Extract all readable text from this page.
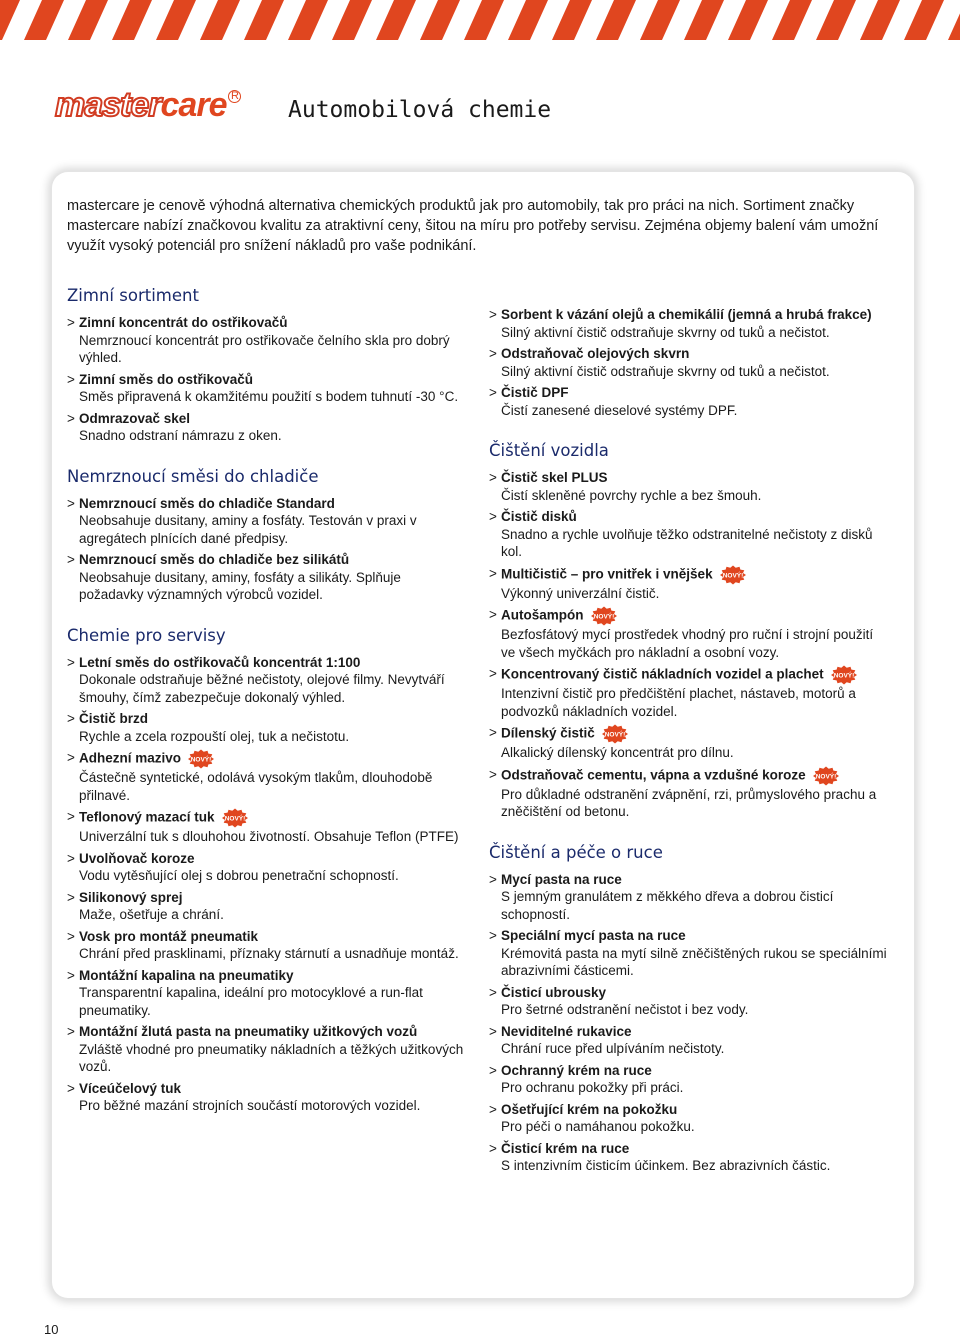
master care R
Automobilová chemie

mastercare je cenově výhodná alternativa chemických produktů jak pro automobily, tak pro práci na nich. Sortiment značky mastercare nabízí značkovou kvalitu za atraktivní ceny, šitou na míru pro potřeby servisu. Zejména objemy balení vám umožní využít vysoký potenciál pro snížení nákladů pro vaše podnikání.

Zimní sortiment
> Zimní koncentrát do ostřikovačů
Nemrznoucí koncentrát pro ostřikovače čelního skla pro dobrý výhled.
> Zimní směs do ostřikovačů
Směs připravená k okamžitému použití s bodem tuhnutí -30 °C.
> Odmrazovač skel
Snadno odstraní námrazu z oken.
Nemrznoucí směsi do chladiče
> Nemrznoucí směs do chladiče Standard
Neobsahuje dusitany, aminy a fosfáty. Testován v praxi v agregátech plnících dané předpisy.
> Nemrznoucí směs do chladiče bez silikátů
Neobsahuje dusitany, aminy, fosfáty a silikáty. Splňuje požadavky významných výrobců vozidel.
Chemie pro servisy
> Letní směs do ostřikovačů koncentrát 1:100
Dokonale odstraňuje běžné nečistoty, olejové filmy. Nevytváří šmouhy, čímž zabezpečuje dokonalý výhled.
> Čistič brzd
Rychle a zcela rozpouští olej, tuk a nečistotu.
> Adhezní mazivo NOVÝ!
Částečně syntetické, odolává vysokým tlakům, dlouhodobě přilnavé.
> Teflonový mazací tuk NOVÝ!
Univerzální tuk s dlouhohou životností. Obsahuje Teflon (PTFE)
> Uvolňovač koroze
Vodu vytěsňující olej s dobrou penetrační schopností.
> Silikonový sprej
Maže, ošetřuje a chrání.
> Vosk pro montáž pneumatik
Chrání před prasklinami, příznaky stárnutí a usnadňuje montáž.
> Montážní kapalina na pneumatiky
Transparentní kapalina, ideální pro motocyklové a run-flat pneumatiky.
> Montážní žlutá pasta na pneumatiky užitkových vozů
Zvláště vhodné pro pneumatiky nákladních a těžkých užitkových vozů.
> Víceúčelový tuk
Pro běžné mazání strojních součástí motorových vozidel.
> Sorbent k vázání olejů a chemikálií (jemná a hrubá frakce)
Silný aktivní čistič odstraňuje skvrny od tuků a nečistot.
> Odstraňovač olejových skvrn
Silný aktivní čistič odstraňuje skvrny od tuků a nečistot.
> Čistič DPF
Čistí zanesené dieselové systémy DPF.
Čištění vozidla
> Čistič skel PLUS
Čistí skleněné povrchy rychle a bez šmouh.
> Čistič disků
Snadno a rychle uvolňuje těžko odstranitelné nečistoty z disků kol.
> Multičistič – pro vnitřek i vnějšek NOVÝ!
Výkonný univerzální čistič.
> Autošampón NOVÝ!
Bezfosfátový mycí prostředek vhodný pro ruční i strojní použití ve všech myčkách pro nákladní a osobní vozy.
> Koncentrovaný čistič nákladních vozidel a plachet NOVÝ!
Intenzivní čistič pro předčištění plachet, nástaveb, motorů a podvozků nákladních vozidel.
> Dílenský čistič NOVÝ!
Alkalický dílenský koncentrát pro dílnu.
> Odstraňovač cementu, vápna a vzdušné koroze NOVÝ!
Pro důkladné odstranění zvápnění, rzi, průmyslového prachu a zněčištění od betonu.
Čištění a péče o ruce
> Mycí pasta na ruce
S jemným granulátem z měkkého dřeva a dobrou čisticí schopností.
> Speciální mycí pasta na ruce
Krémovitá pasta na mytí silně zněčištěných rukou se speciálními abrazivními částicemi.
> Čisticí ubrousky
Pro šetrné odstranění nečistot i bez vody.
> Neviditelné rukavice
Chrání ruce před ulpíváním nečistoty.
> Ochranný krém na ruce
Pro ochranu pokožky při práci.
> Ošetřující krém na pokožku
Pro péči o namáhanou pokožku.
> Čisticí krém na ruce
S intenzivním čisticím účinkem. Bez abrazivních částic.
10
